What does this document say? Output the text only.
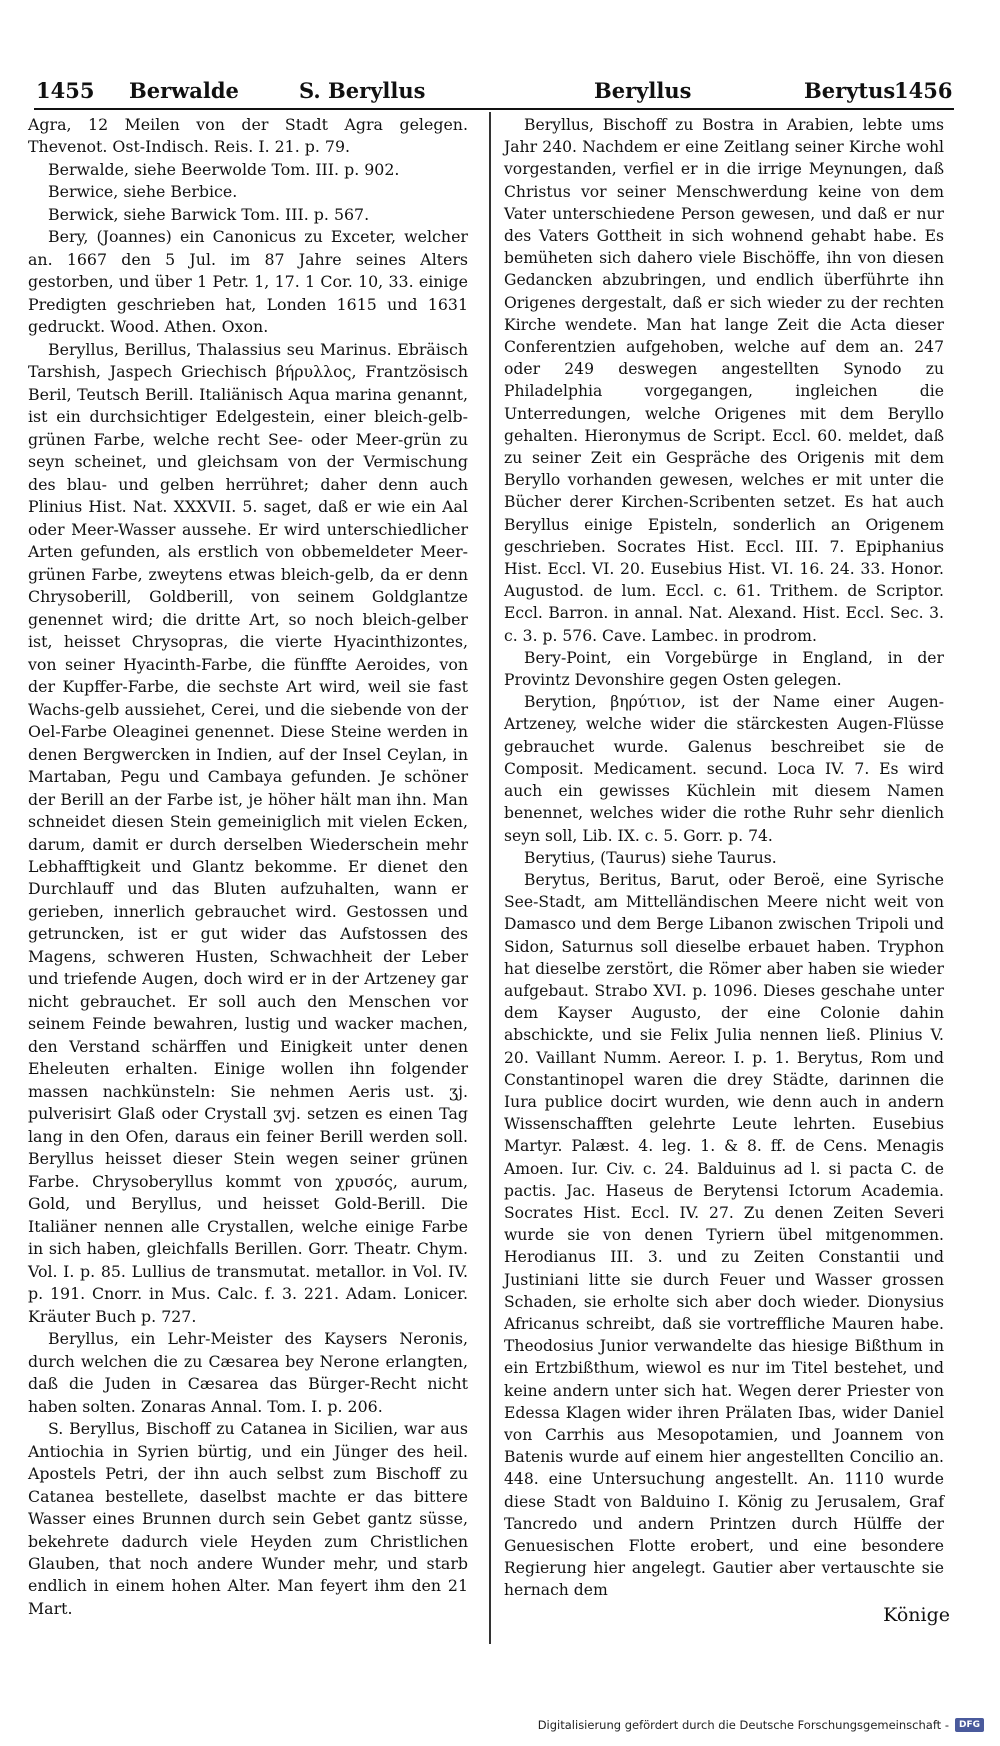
1455 Berwalde	S. Beryllus	Beryllus	Berytus
1456

Agra, 12 Meilen von der Stadt Agra gelegen. Thevenot. Ost-Indisch. Reis. I. 21. p. 79.

Berwalde, siehe Beerwolde Tom. III. p. 902.

Berwice, siehe Berbice.

Berwick, siehe Barwick Tom. III. p. 567.

Bery, (Joannes) ein Canonicus zu Exceter, welcher an. 1667 den 5 Jul. im 87 Jahre seines Alters gestorben, und über 1 Petr. 1, 17. 1 Cor. 10, 33. einige Predigten geschrieben hat, Londen 1615 und 1631 gedruckt. Wood. Athen. Oxon.

Beryllus, Berillus, Thalassius seu Marinus. Ebräisch Tarshish, Jaspech Griechisch βήρυλλος, Frantzösisch Beril, Teutsch Berill. Italiänisch Aqua marina genannt, ist ein durchsichtiger Edelgestein, einer bleich-gelb-grünen Farbe, welche recht See- oder Meer-grün zu seyn scheinet, und gleichsam von der Vermischung des blau- und gelben herrühret; daher denn auch Plinius Hist. Nat. XXXVII. 5. saget, daß er wie ein Aal oder Meer-Wasser aussehe. Er wird unterschiedlicher Arten gefunden, als erstlich von obbemeldeter Meer-grünen Farbe, zweytens etwas bleich-gelb, da er denn Chrysoberill, Goldberill, von seinem Goldglantze genennet wird; die dritte Art, so noch bleich-gelber ist, heisset Chrysopras, die vierte Hyacinthizontes, von seiner Hyacinth-Farbe, die fünffte Aeroides, von der Kupffer-Farbe, die sechste Art wird, weil sie fast Wachs-gelb aussiehet, Cerei, und die siebende von der Oel-Farbe Oleaginei genennet. Diese Steine werden in denen Bergwercken in Indien, auf der Insel Ceylan, in Martaban, Pegu und Cambaya gefunden. Je schöner der Berill an der Farbe ist, je höher hält man ihn. Man schneidet diesen Stein gemeiniglich mit vielen Ecken, darum, damit er durch derselben Wiederschein mehr Lebhafftigkeit und Glantz bekomme. Er dienet den Durchlauff und das Bluten aufzuhalten, wann er gerieben, innerlich gebrauchet wird. Gestossen und getruncken, ist er gut wider das Aufstossen des Magens, schweren Husten, Schwachheit der Leber und triefende Augen, doch wird er in der Artzeney gar nicht gebrauchet. Er soll auch den Menschen vor seinem Feinde bewahren, lustig und wacker machen, den Verstand schärffen und Einigkeit unter denen Eheleuten erhalten. Einige wollen ihn folgender massen nachkünsteln: Sie nehmen Aeris ust. ʒj. pulverisirt Glaß oder Crystall ʒvj. setzen es einen Tag lang in den Ofen, daraus ein feiner Berill werden soll. Beryllus heisset dieser Stein wegen seiner grünen Farbe. Chrysoberyllus kommt von χρυσός, aurum, Gold, und Beryllus, und heisset Gold-Berill. Die Italiäner nennen alle Crystallen, welche einige Farbe in sich haben, gleichfalls Berillen. Gorr. Theatr. Chym. Vol. I. p. 85. Lullius de transmutat. metallor. in Vol. IV. p. 191. Cnorr. in Mus. Calc. f. 3. 221. Adam. Lonicer. Kräuter Buch p. 727.

Beryllus, ein Lehr-Meister des Kaysers Neronis, durch welchen die zu Cæsarea bey Nerone erlangten, daß die Juden in Cæsarea das Bürger-Recht nicht haben solten. Zonaras Annal. Tom. I. p. 206.

S. Beryllus, Bischoff zu Catanea in Sicilien, war aus Antiochia in Syrien bürtig, und ein Jünger des heil. Apostels Petri, der ihn auch selbst zum Bischoff zu Catanea bestellete, daselbst machte er das bittere Wasser eines Brunnen durch sein Gebet gantz süsse, bekehrete dadurch viele Heyden zum Christlichen Glauben, that noch andere Wunder mehr, und starb endlich in einem hohen Alter. Man feyert ihm den 21 Mart.

Beryllus, Bischoff zu Bostra in Arabien, lebte ums Jahr 240. Nachdem er eine Zeitlang seiner Kirche wohl vorgestanden, verfiel er in die irrige Meynungen, daß Christus vor seiner Menschwerdung keine von dem Vater unterschiedene Person gewesen, und daß er nur des Vaters Gottheit in sich wohnend gehabt habe. Es bemüheten sich dahero viele Bischöffe, ihn von diesen Gedancken abzubringen, und endlich überführte ihn Origenes dergestalt, daß er sich wieder zu der rechten Kirche wendete. Man hat lange Zeit die Acta dieser Conferentzien aufgehoben, welche auf dem an. 247 oder 249 deswegen angestellten Synodo zu Philadelphia vorgegangen, ingleichen die Unterredungen, welche Origenes mit dem Beryllo gehalten. Hieronymus de Script. Eccl. 60. meldet, daß zu seiner Zeit ein Gespräche des Origenis mit dem Beryllo vorhanden gewesen, welches er mit unter die Bücher derer Kirchen-Scribenten setzet. Es hat auch Beryllus einige Episteln, sonderlich an Origenem geschrieben. Socrates Hist. Eccl. III. 7. Epiphanius Hist. Eccl. VI. 20. Eusebius Hist. VI. 16. 24. 33. Honor. Augustod. de lum. Eccl. c. 61. Trithem. de Scriptor. Eccl. Barron. in annal. Nat. Alexand. Hist. Eccl. Sec. 3. c. 3. p. 576. Cave. Lambec. in prodrom.

Bery-Point, ein Vorgebürge in England, in der Provintz Devonshire gegen Osten gelegen.

Berytion, βηρύτιον, ist der Name einer Augen-Artzeney, welche wider die stärckesten Augen-Flüsse gebrauchet wurde. Galenus beschreibet sie de Composit. Medicament. secund. Loca IV. 7. Es wird auch ein gewisses Küchlein mit diesem Namen benennet, welches wider die rothe Ruhr sehr dienlich seyn soll, Lib. IX. c. 5. Gorr. p. 74.

Berytius, (Taurus) siehe Taurus.

Berytus, Beritus, Barut, oder Beroë, eine Syrische See-Stadt, am Mittelländischen Meere nicht weit von Damasco und dem Berge Libanon zwischen Tripoli und Sidon, Saturnus soll dieselbe erbauet haben. Tryphon hat dieselbe zerstört, die Römer aber haben sie wieder aufgebaut. Strabo XVI. p. 1096. Dieses geschahe unter dem Kayser Augusto, der eine Colonie dahin abschickte, und sie Felix Julia nennen ließ. Plinius V. 20. Vaillant Numm. Aereor. I. p. 1. Berytus, Rom und Constantinopel waren die drey Städte, darinnen die Iura publice docirt wurden, wie denn auch in andern Wissenschafften gelehrte Leute lehrten. Eusebius Martyr. Palæst. 4. leg. 1. & 8. ff. de Cens. Menagis Amoen. Iur. Civ. c. 24. Balduinus ad l. si pacta C. de pactis. Jac. Haseus de Berytensi Ictorum Academia. Socrates Hist. Eccl. IV. 27. Zu denen Zeiten Severi wurde sie von denen Tyriern übel mitgenommen. Herodianus III. 3. und zu Zeiten Constantii und Justiniani litte sie durch Feuer und Wasser grossen Schaden, sie erholte sich aber doch wieder. Dionysius Africanus schreibt, daß sie vortreffliche Mauren habe. Theodosius Junior verwandelte das hiesige Bißthum in ein Ertzbißthum, wiewol es nur im Titel bestehet, und keine andern unter sich hat. Wegen derer Priester von Edessa Klagen wider ihren Prälaten Ibas, wider Daniel von Carrhis aus Mesopotamien, und Joannem von Batenis wurde auf einem hier angestellten Concilio an. 448. eine Untersuchung angestellt. An. 1110 wurde diese Stadt von Balduino I. König zu Jerusalem, Graf Tancredo und andern Printzen durch Hülffe der Genuesischen Flotte erobert, und eine besondere Regierung hier angelegt. Gautier aber vertauschte sie hernach dem

Könige
Digitalisierung gefördert durch die Deutsche Forschungsgemeinschaft -	DFG
